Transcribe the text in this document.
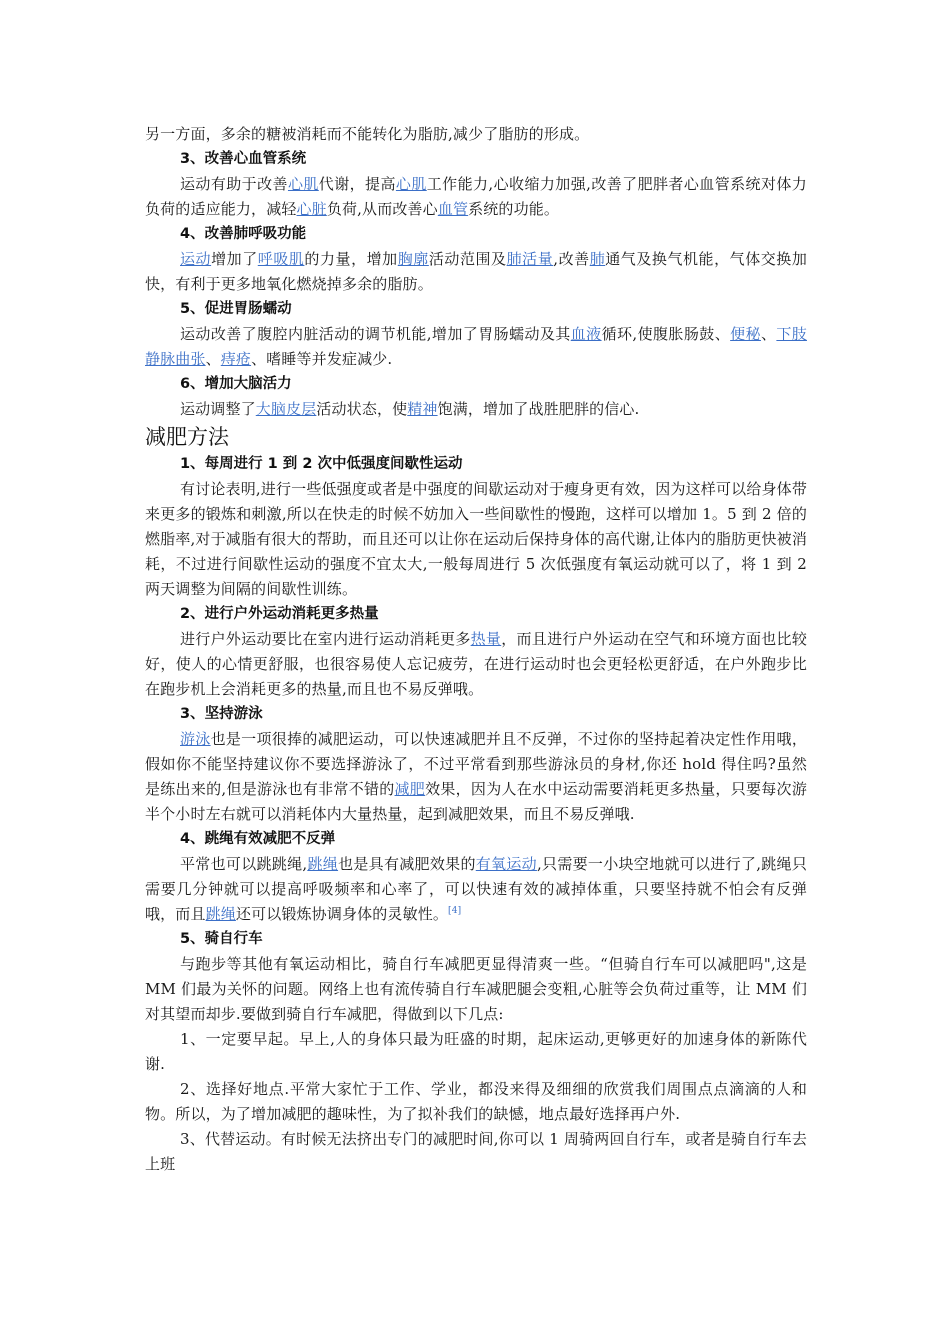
另一方面，多余的糖被消耗而不能转化为脂肪,减少了脂肪的形成。

3、改善心血管系统

运动有助于改善心肌代谢，提高心肌工作能力,心收缩力加强,改善了肥胖者心血管系统对体力负荷的适应能力，减轻心脏负荷,从而改善心血管系统的功能。

4、改善肺呼吸功能

运动增加了呼吸肌的力量，增加胸廓活动范围及肺活量,改善肺通气及换气机能，气体交换加快，有利于更多地氧化燃烧掉多余的脂肪。

5、促进胃肠蠕动

运动改善了腹腔内脏活动的调节机能,增加了胃肠蠕动及其血液循环,使腹胀肠鼓、便秘、下肢静脉曲张、痔疮、嗜睡等并发症减少.

6、增加大脑活力

运动调整了大脑皮层活动状态，使精神饱满，增加了战胜肥胖的信心.

减肥方法

1、每周进行 1 到 2 次中低强度间歇性运动

有讨论表明,进行一些低强度或者是中强度的间歇运动对于瘦身更有效，因为这样可以给身体带来更多的锻炼和刺激,所以在快走的时候不妨加入一些间歇性的慢跑，这样可以增加 1。5 到 2 倍的燃脂率,对于减脂有很大的帮助，而且还可以让你在运动后保持身体的高代谢,让体内的脂肪更快被消耗，不过进行间歇性运动的强度不宜太大,一般每周进行 5 次低强度有氧运动就可以了，将 1 到 2 两天调整为间隔的间歇性训练。

2、进行户外运动消耗更多热量

进行户外运动要比在室内进行运动消耗更多热量，而且进行户外运动在空气和环境方面也比较好，使人的心情更舒服，也很容易使人忘记疲劳，在进行运动时也会更轻松更舒适，在户外跑步比在跑步机上会消耗更多的热量,而且也不易反弹哦。

3、坚持游泳

游泳也是一项很捧的减肥运动，可以快速减肥并且不反弹，不过你的坚持起着决定性作用哦，假如你不能坚持建议你不要选择游泳了，不过平常看到那些游泳员的身材,你还 hold 得住吗?虽然是练出来的,但是游泳也有非常不错的减肥效果，因为人在水中运动需要消耗更多热量，只要每次游半个小时左右就可以消耗体内大量热量，起到减肥效果，而且不易反弹哦.

4、跳绳有效减肥不反弹

平常也可以跳跳绳,跳绳也是具有减肥效果的有氧运动,只需要一小块空地就可以进行了,跳绳只需要几分钟就可以提高呼吸频率和心率了，可以快速有效的减掉体重，只要坚持就不怕会有反弹哦，而且跳绳还可以锻炼协调身体的灵敏性。[4]

5、骑自行车

与跑步等其他有氧运动相比，骑自行车减肥更显得清爽一些。“但骑自行车可以减肥吗",这是 MM 们最为关怀的问题。网络上也有流传骑自行车减肥腿会变粗,心脏等会负荷过重等，让 MM 们对其望而却步.要做到骑自行车减肥，得做到以下几点:

1、一定要早起。早上,人的身体只最为旺盛的时期，起床运动,更够更好的加速身体的新陈代谢.

2、选择好地点.平常大家忙于工作、学业，都没来得及细细的欣赏我们周围点点滴滴的人和物。所以，为了增加减肥的趣味性，为了拟补我们的缺憾，地点最好选择再户外.

3、代替运动。有时候无法挤出专门的减肥时间,你可以 1 周骑两回自行车，或者是骑自行车去上班
